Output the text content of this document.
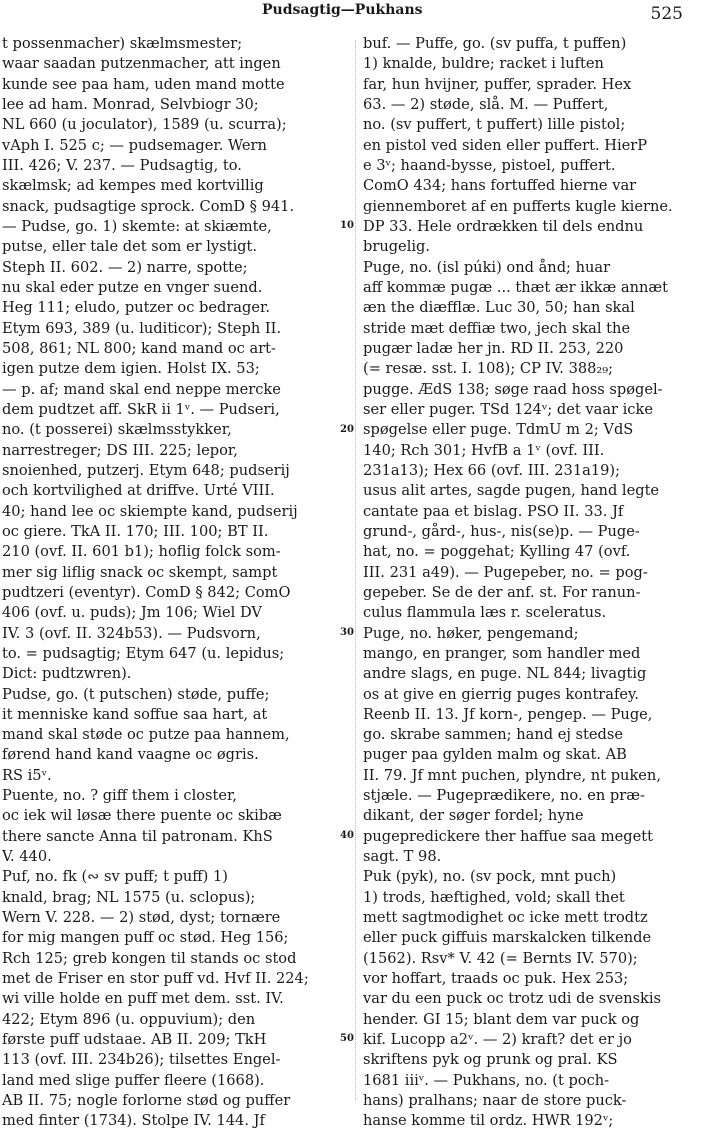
Pudsagtig—Pukhans	525
10
20
30
40
50
t possenmacher) skælmsmester;
waar saadan putzenmacher, att ingen
kunde see paa ham, uden mand motte
lee ad ham. Monrad, Selvbiogr 30;
NL 660 (u joculator), 1589 (u. scurra);
vAph I. 525 c; — pudsemager. Wern
III. 426; V. 237. — Pudsagtig, to.
skælmsk; ad kempes med kortvillig
snack, pudsagtige sprock. ComD § 941.
— Pudse, go. 1) skemte: at skiæmte,
putse, eller tale det som er lystigt.
Steph II. 602. — 2) narre, spotte;
nu skal eder putze en vnger suend.
Heg 111; eludo, putzer oc bedrager.
Etym 693, 389 (u. luditicor); Steph II.
508, 861; NL 800; kand mand oc art-
igen putze dem igien. Holst IX. 53;
— p. af; mand skal end neppe mercke
dem pudtzet aff. SkR ii 1ᵛ. — Pudseri,
no. (t posserei) skælmsstykker,
narrestreger; DS III. 225; lepor,
snoienhed, putzerj. Etym 648; pudserij
och kortvilighed at driffve. Urté VIII.
40; hand lee oc skiempte kand, pudserij
oc giere. TkA II. 170; III. 100; BT II.
210 (ovf. II. 601 b1); hoflig folck som-
mer sig liflig snack oc skempt, sampt
pudtzeri (eventyr). ComD § 842; ComO
406 (ovf. u. puds); Jm 106; Wiel DV
IV. 3 (ovf. II. 324b53). — Pudsvorn,
to. = pudsagtig; Etym 647 (u. lepidus;
Dict: pudtzwren).
Pudse, go. (t putschen) støde, puffe;
it menniske kand soffue saa hart, at
mand skal støde oc putze paa hannem,
førend hand kand vaagne oc øgris.
RS i5ᵛ.
Puente, no. ? giff them i closter,
oc iek wil løsæ there puente oc skibæ
there sancte Anna til patronam. KhS
V. 440.
Puf, no. fk (∾ sv puff; t puff) 1)
knald, brag; NL 1575 (u. sclopus);
Wern V. 228. — 2) stød, dyst; tornære
for mig mangen puff oc stød. Heg 156;
Rch 125; greb kongen til stands oc stod
met de Friser en stor puff vd. Hvf II. 224;
wi ville holde en puff met dem. sst. IV.
422; Etym 896 (u. oppuvium); den
første puff udstaae. AB II. 209; TkH
113 (ovf. III. 234b26); tilsettes Engel-
land med slige puffer fleere (1668).
AB II. 75; nogle forlorne stød og puffer
med finter (1734). Stolpe IV. 144. Jf
buf. — Puffe, go. (sv puffa, t puffen)
1) knalde, buldre; racket i luften
far, hun hvijner, puffer, sprader. Hex
63. — 2) støde, slå. M. — Puffert,
no. (sv puffert, t puffert) lille pistol;
en pistol ved siden eller puffert. HierP
e 3ᵛ; haand-bysse, pistoel, puffert.
ComO 434; hans fortuffed hierne var
giennemboret af en pufferts kugle kierne.
DP 33. Hele ordrækken til dels endnu
brugelig.
Puge, no. (isl púki) ond ånd; huar
aff kommæ pugæ ... thæt ær ikkæ annæt
æn the diæfflæ. Luc 30, 50; han skal
stride mæt deffiæ two, jech skal the
pugær ladæ her jn. RD II. 253, 220
(= resæ. sst. I. 108); CP IV. 388₂₉;
pugge. ÆdS 138; søge raad hoss spøgel-
ser eller puger. TSd 124ᵛ; det vaar icke
spøgelse eller puge. TdmU m 2; VdS
140; Rch 301; HvfB a 1ᵛ (ovf. III.
231a13); Hex 66 (ovf. III. 231a19);
usus alit artes, sagde pugen, hand legte
cantate paa et bislag. PSO II. 33. Jf
grund-, gård-, hus-, nis(se)p. — Puge-
hat, no. = poggehat; Kylling 47 (ovf.
III. 231 a49). — Pugepeber, no. = pog-
gepeber. Se de der anf. st. For ranun-
culus flammula læs r. sceleratus.
Puge, no. høker, pengemand;
mango, en pranger, som handler med
andre slags, en puge. NL 844; livagtig
os at give en gierrig puges kontrafey.
Reenb II. 13. Jf korn-, pengep. — Puge,
go. skrabe sammen; hand ej stedse
puger paa gylden malm og skat. AB
II. 79. Jf mnt puchen, plyndre, nt puken,
stjæle. — Pugeprædikere, no. en præ-
dikant, der søger fordel; hyne
pugepredickere ther haffue saa megett
sagt. T 98.
Puk (pyk), no. (sv pock, mnt puch)
1) trods, hæftighed, vold; skall thet
mett sagtmodighet oc icke mett trodtz
eller puck giffuis marskalcken tilkende
(1562). Rsv* V. 42 (= Bernts IV. 570);
vor hoffart, traads oc puk. Hex 253;
var du een puck oc trotz udi de svenskis
hender. GI 15; blant dem var puck og
kif. Lucopp a2ᵛ. — 2) kraft? det er jo
skriftens pyk og prunk og pral. KS
1681 iiiᵛ. — Pukhans, no. (t poch-
hans) pralhans; naar de store puck-
hanse komme til ordz. HWR 192ᵛ;
